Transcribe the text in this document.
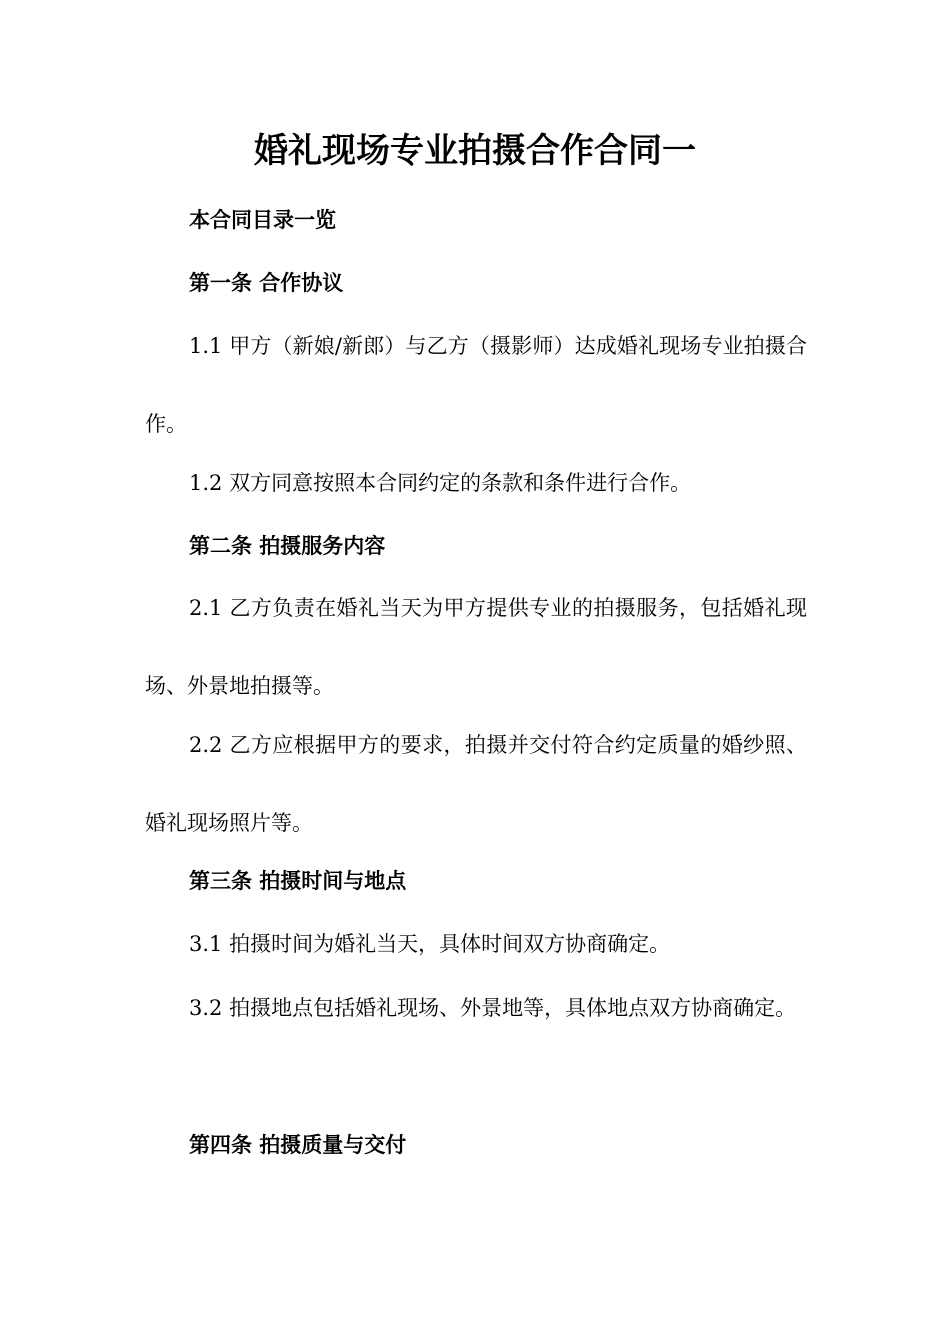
婚礼现场专业拍摄合作合同一
本合同目录一览
第一条 合作协议
1.1 甲方（新娘/新郎）与乙方（摄影师）达成婚礼现场专业拍摄合作。
1.2 双方同意按照本合同约定的条款和条件进行合作。
第二条 拍摄服务内容
2.1 乙方负责在婚礼当天为甲方提供专业的拍摄服务，包括婚礼现场、外景地拍摄等。
2.2 乙方应根据甲方的要求，拍摄并交付符合约定质量的婚纱照、婚礼现场照片等。
第三条 拍摄时间与地点
3.1 拍摄时间为婚礼当天，具体时间双方协商确定。
3.2 拍摄地点包括婚礼现场、外景地等，具体地点双方协商确定。
第四条 拍摄质量与交付
